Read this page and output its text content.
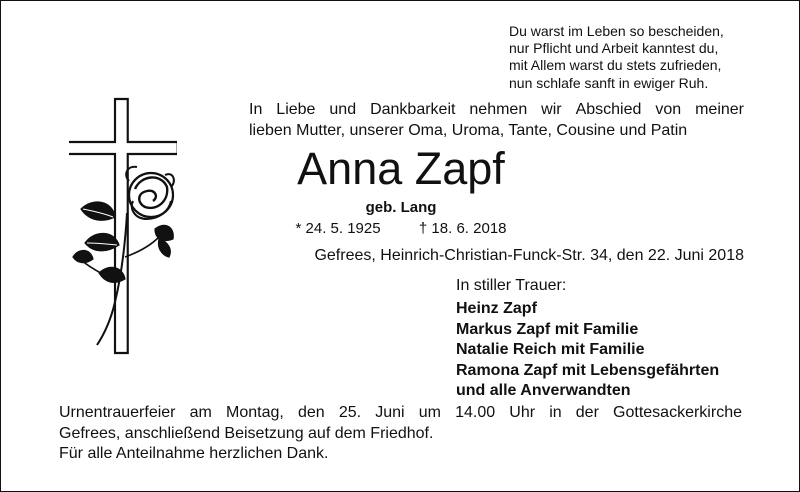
Du warst im Leben so bescheiden,
nur Pflicht und Arbeit kanntest du,
mit Allem warst du stets zufrieden,
nun schlafe sanft in ewiger Ruh.
In Liebe und Dankbarkeit nehmen wir Abschied von meiner
lieben Mutter, unserer Oma, Uroma, Tante, Cousine und Patin
Anna Zapf
geb. Lang
* 24. 5. 1925	† 18. 6. 2018
Gefrees, Heinrich-Christian-Funck-Str. 34, den 22. Juni 2018
In stiller Trauer:
Heinz Zapf
Markus Zapf mit Familie
Natalie Reich mit Familie
Ramona Zapf mit Lebensgefährten
und alle Anverwandten
Urnentrauerfeier am Montag, den 25. Juni um 14.00 Uhr in der Gottesackerkirche
Gefrees, anschließend Beisetzung auf dem Friedhof.
Für alle Anteilnahme herzlichen Dank.
